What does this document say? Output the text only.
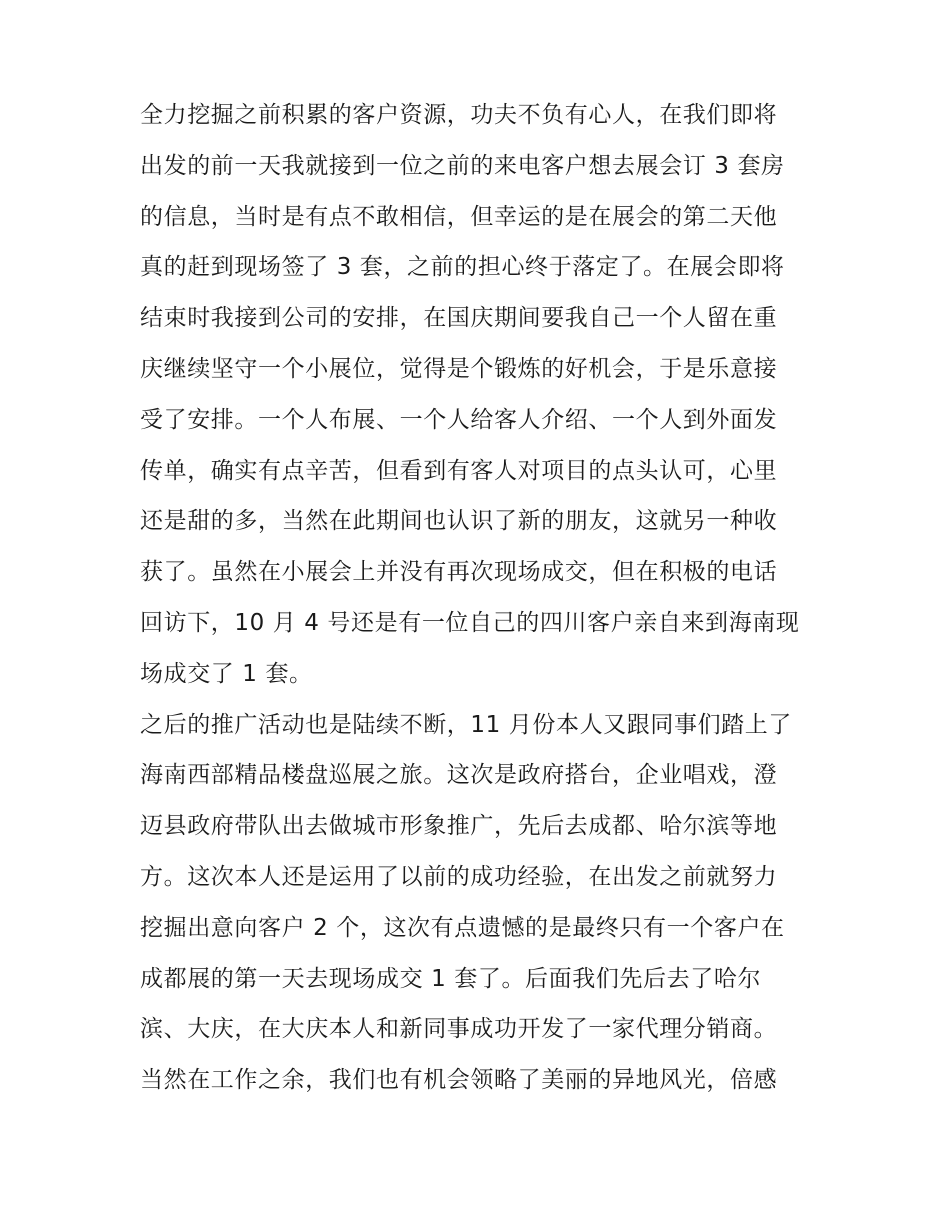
全力挖掘之前积累的客户资源，功夫不负有心人，在我们即将
出发的前一天我就接到一位之前的来电客户想去展会订 3 套房
的信息，当时是有点不敢相信，但幸运的是在展会的第二天他
真的赶到现场签了 3 套，之前的担心终于落定了。在展会即将
结束时我接到公司的安排，在国庆期间要我自己一个人留在重
庆继续坚守一个小展位，觉得是个锻炼的好机会，于是乐意接
受了安排。一个人布展、一个人给客人介绍、一个人到外面发
传单，确实有点辛苦，但看到有客人对项目的点头认可，心里
还是甜的多，当然在此期间也认识了新的朋友，这就另一种收
获了。虽然在小展会上并没有再次现场成交，但在积极的电话
回访下，10 月 4 号还是有一位自己的四川客户亲自来到海南现
场成交了 1 套。
之后的推广活动也是陆续不断，11 月份本人又跟同事们踏上了
海南西部精品楼盘巡展之旅。这次是政府搭台，企业唱戏，澄
迈县政府带队出去做城市形象推广，先后去成都、哈尔滨等地
方。这次本人还是运用了以前的成功经验，在出发之前就努力
挖掘出意向客户 2 个，这次有点遗憾的是最终只有一个客户在
成都展的第一天去现场成交 1 套了。后面我们先后去了哈尔
滨、大庆，在大庆本人和新同事成功开发了一家代理分销商。
当然在工作之余，我们也有机会领略了美丽的异地风光，倍感
